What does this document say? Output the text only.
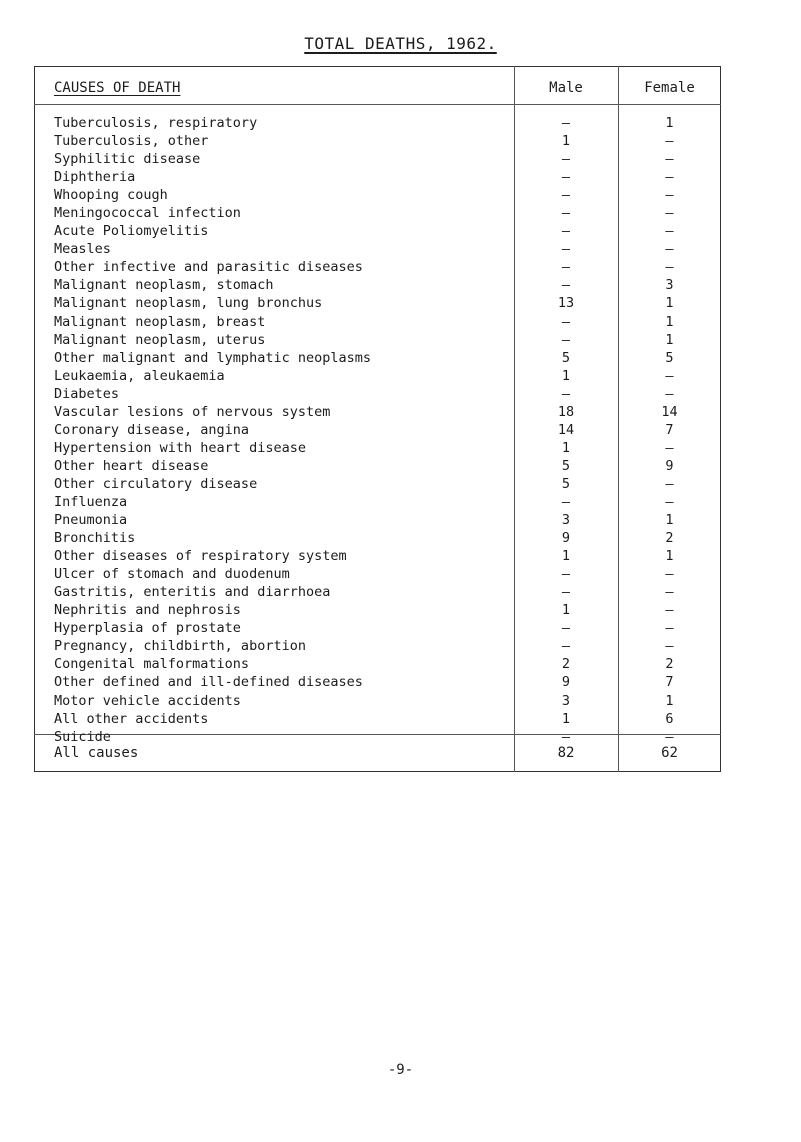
TOTAL DEATHS, 1962.
CAUSES OF DEATH	Male	Female
Tuberculosis, respiratory	—	1
Tuberculosis, other	1	—
Syphilitic disease	—	—
Diphtheria	—	—
Whooping cough	—	—
Meningococcal infection	—	—
Acute Poliomyelitis	—	—
Measles	—	—
Other infective and parasitic diseases	—	—
Malignant neoplasm, stomach	—	3
Malignant neoplasm, lung bronchus	13	1
Malignant neoplasm, breast	—	1
Malignant neoplasm, uterus	—	1
Other malignant and lymphatic neoplasms	5	5
Leukaemia, aleukaemia	1	—
Diabetes	—	—
Vascular lesions of nervous system	18	14
Coronary disease, angina	14	7
Hypertension with heart disease	1	—
Other heart disease	5	9
Other circulatory disease	5	—
Influenza	—	—
Pneumonia	3	1
Bronchitis	9	2
Other diseases of respiratory system	1	1
Ulcer of stomach and duodenum	—	—
Gastritis, enteritis and diarrhoea	—	—
Nephritis and nephrosis	1	—
Hyperplasia of prostate	—	—
Pregnancy, childbirth, abortion	—	—
Congenital malformations	2	2
Other defined and ill-defined diseases	9	7
Motor vehicle accidents	3	1
All other accidents	1	6
Suicide	—	—
All causes	82	62
-9-
